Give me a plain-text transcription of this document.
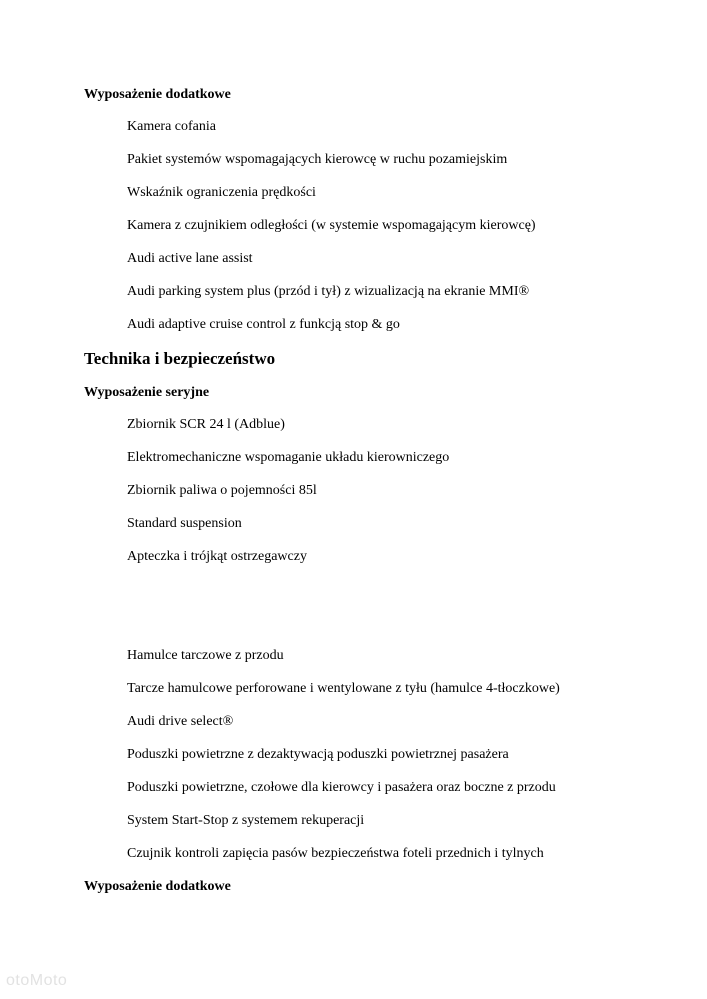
Wyposażenie dodatkowe
Kamera cofania
Pakiet systemów wspomagających kierowcę w ruchu pozamiejskim
Wskaźnik ograniczenia prędkości
Kamera z czujnikiem odległości (w systemie wspomagającym kierowcę)
Audi active lane assist
Audi parking system plus (przód i tył) z wizualizacją na ekranie MMI®
Audi adaptive cruise control z funkcją stop & go
Technika i bezpieczeństwo
Wyposażenie seryjne
Zbiornik SCR 24 l (Adblue)
Elektromechaniczne wspomaganie układu kierowniczego
Zbiornik paliwa o pojemności 85l
Standard suspension
Apteczka i trójkąt ostrzegawczy
Hamulce tarczowe z przodu
Tarcze hamulcowe perforowane i wentylowane z tyłu (hamulce 4-tłoczkowe)
Audi drive select®
Poduszki powietrzne z dezaktywacją poduszki powietrznej pasażera
Poduszki powietrzne, czołowe dla kierowcy i pasażera oraz boczne z przodu
System Start-Stop z systemem rekuperacji
Czujnik kontroli zapięcia pasów bezpieczeństwa foteli przednich i tylnych
Wyposażenie dodatkowe
otoMoto
